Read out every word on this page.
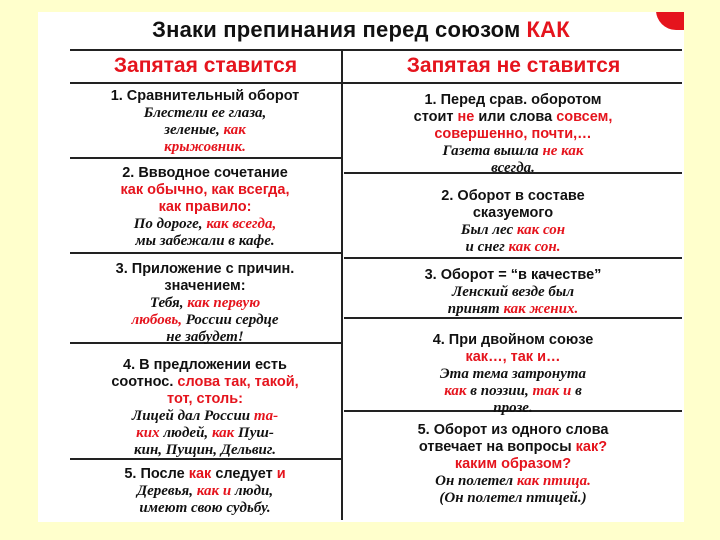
Знаки препинания перед союзом КАК
Запятая ставится	Запятая не ставится
1. Сравнительный оборот
Блестели ее глаза,
зеленые, как
крыжовник.
2. Ввводное сочетание
как обычно, как всегда,
как правило:
По дороге, как всегда,
мы забежали в кафе.
3. Приложение с причин.
значением:
Тебя, как первую
любовь, России сердце
не забудет!
4. В предложении есть
соотнос. слова так, такой,
тот, столь:
Лицей дал России та-
ких людей, как Пуш-
кин, Пущин, Дельвиг.
5. После как следует и
Деревья, как и люди,
имеют свою судьбу.
1. Перед срав. оборотом
стоит не или слова совсем,
совершенно, почти,…
Газета вышла не как
всегда.
2. Оборот в составе
сказуемого
Был лес как сон
и снег как сон.
3. Оборот = “в качестве”
Ленский везде был
принят как жених.
4. При двойном союзе
как…, так и…
Эта тема затронута
как в поэзии, так и в
прозе.
5. Оборот из одного слова
отвечает на вопросы как?
каким образом?
Он полетел как птица.
(Он полетел птицей.)
